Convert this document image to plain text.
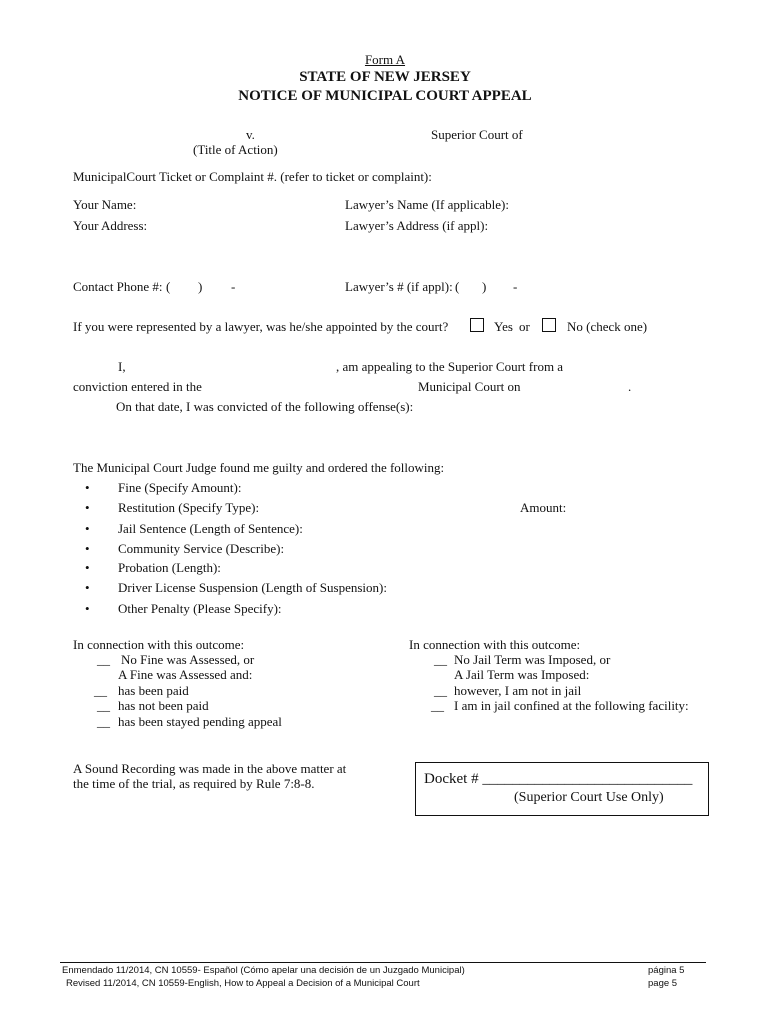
Form A
STATE OF NEW JERSEY
NOTICE OF MUNICIPAL COURT APPEAL
v.	Superior Court of
(Title of Action)
MunicipalCourt Ticket or Complaint #. (refer to ticket or complaint):
Your Name:	Lawyer’s Name (If applicable):
Your Address:	Lawyer’s Address (if appl):
Contact Phone #: ( ) -	Lawyer’s # (if appl): ( ) -
If you were represented by a lawyer, was he/she appointed by the court?	Yes or	No (check one)
I,	, am appealing to the Superior Court from a
conviction entered in the	Municipal Court on	.
On that date, I was convicted of the following offense(s):
The Municipal Court Judge found me guilty and ordered the following:
• Fine (Specify Amount):
• Restitution (Specify Type):	Amount:
• Jail Sentence (Length of Sentence):
• Community Service (Describe):
• Probation (Length):
• Driver License Suspension (Length of Suspension):
• Other Penalty (Please Specify):
In connection with this outcome:
__ No Fine was Assessed, or
A Fine was Assessed and:
__ has been paid
__ has not been paid
__ has been stayed pending appeal
In connection with this outcome:
__ No Jail Term was Imposed, or
A Jail Term was Imposed:
__ however, I am not in jail
__ I am in jail confined at the following facility:
A Sound Recording was made in the above matter at
the time of the trial, as required by Rule 7:8-8.	Docket # ____________________________
(Superior Court Use Only)
Enmendado 11/2014, CN 10559- Español (Cómo apelar una decisión de un Juzgado Municipal)	página 5
Revised 11/2014, CN 10559-English, How to Appeal a Decision of a Municipal Court	page 5
